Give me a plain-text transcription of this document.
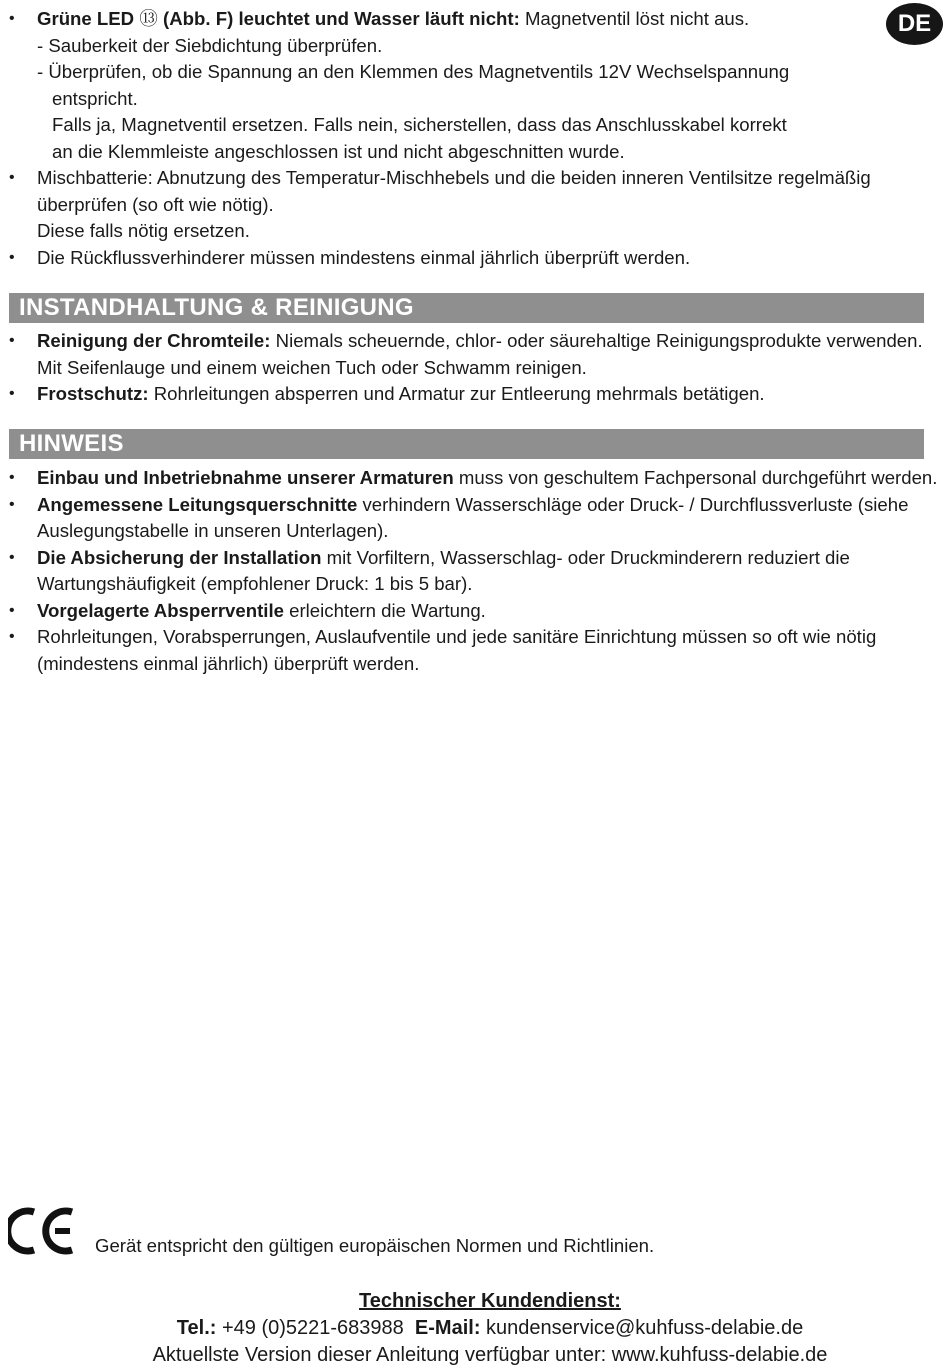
DE
• Grüne LED ⑬ (Abb. F) leuchtet und Wasser läuft nicht: Magnetventil löst nicht aus.
- Sauberkeit der Siebdichtung überprüfen.
- Überprüfen, ob die Spannung an den Klemmen des Magnetventils 12V Wechselspannung
entspricht.
Falls ja, Magnetventil ersetzen. Falls nein, sicherstellen, dass das Anschlusskabel korrekt
an die Klemmleiste angeschlossen ist und nicht abgeschnitten wurde.
• Mischbatterie: Abnutzung des Temperatur-Mischhebels und die beiden inneren Ventilsitze regelmäßig überprüfen (so oft wie nötig).
Diese falls nötig ersetzen.
• Die Rückflussverhinderer müssen mindestens einmal jährlich überprüft werden.
INSTANDHALTUNG & REINIGUNG
• Reinigung der Chromteile: Niemals scheuernde, chlor- oder säurehaltige Reinigungsprodukte verwenden. Mit Seifenlauge und einem weichen Tuch oder Schwamm reinigen.
• Frostschutz: Rohrleitungen absperren und Armatur zur Entleerung mehrmals betätigen.
HINWEIS
• Einbau und Inbetriebnahme unserer Armaturen muss von geschultem Fachpersonal durchgeführt werden.
• Angemessene Leitungsquerschnitte verhindern Wasserschläge oder Druck- / Durchflussverluste (siehe Auslegungstabelle in unseren Unterlagen).
• Die Absicherung der Installation mit Vorfiltern, Wasserschlag- oder Druckminderern reduziert die Wartungshäufigkeit (empfohlener Druck: 1 bis 5 bar).
• Vorgelagerte Absperrventile erleichtern die Wartung.
• Rohrleitungen, Vorabsperrungen, Auslaufventile und jede sanitäre Einrichtung müssen so oft wie nötig (mindestens einmal jährlich) überprüft werden.
Gerät entspricht den gültigen europäischen Normen und Richtlinien.
Technischer Kundendienst:
Tel.: +49 (0)5221-683988 E-Mail: kundenservice@kuhfuss-delabie.de
Aktuellste Version dieser Anleitung verfügbar unter: www.kuhfuss-delabie.de
